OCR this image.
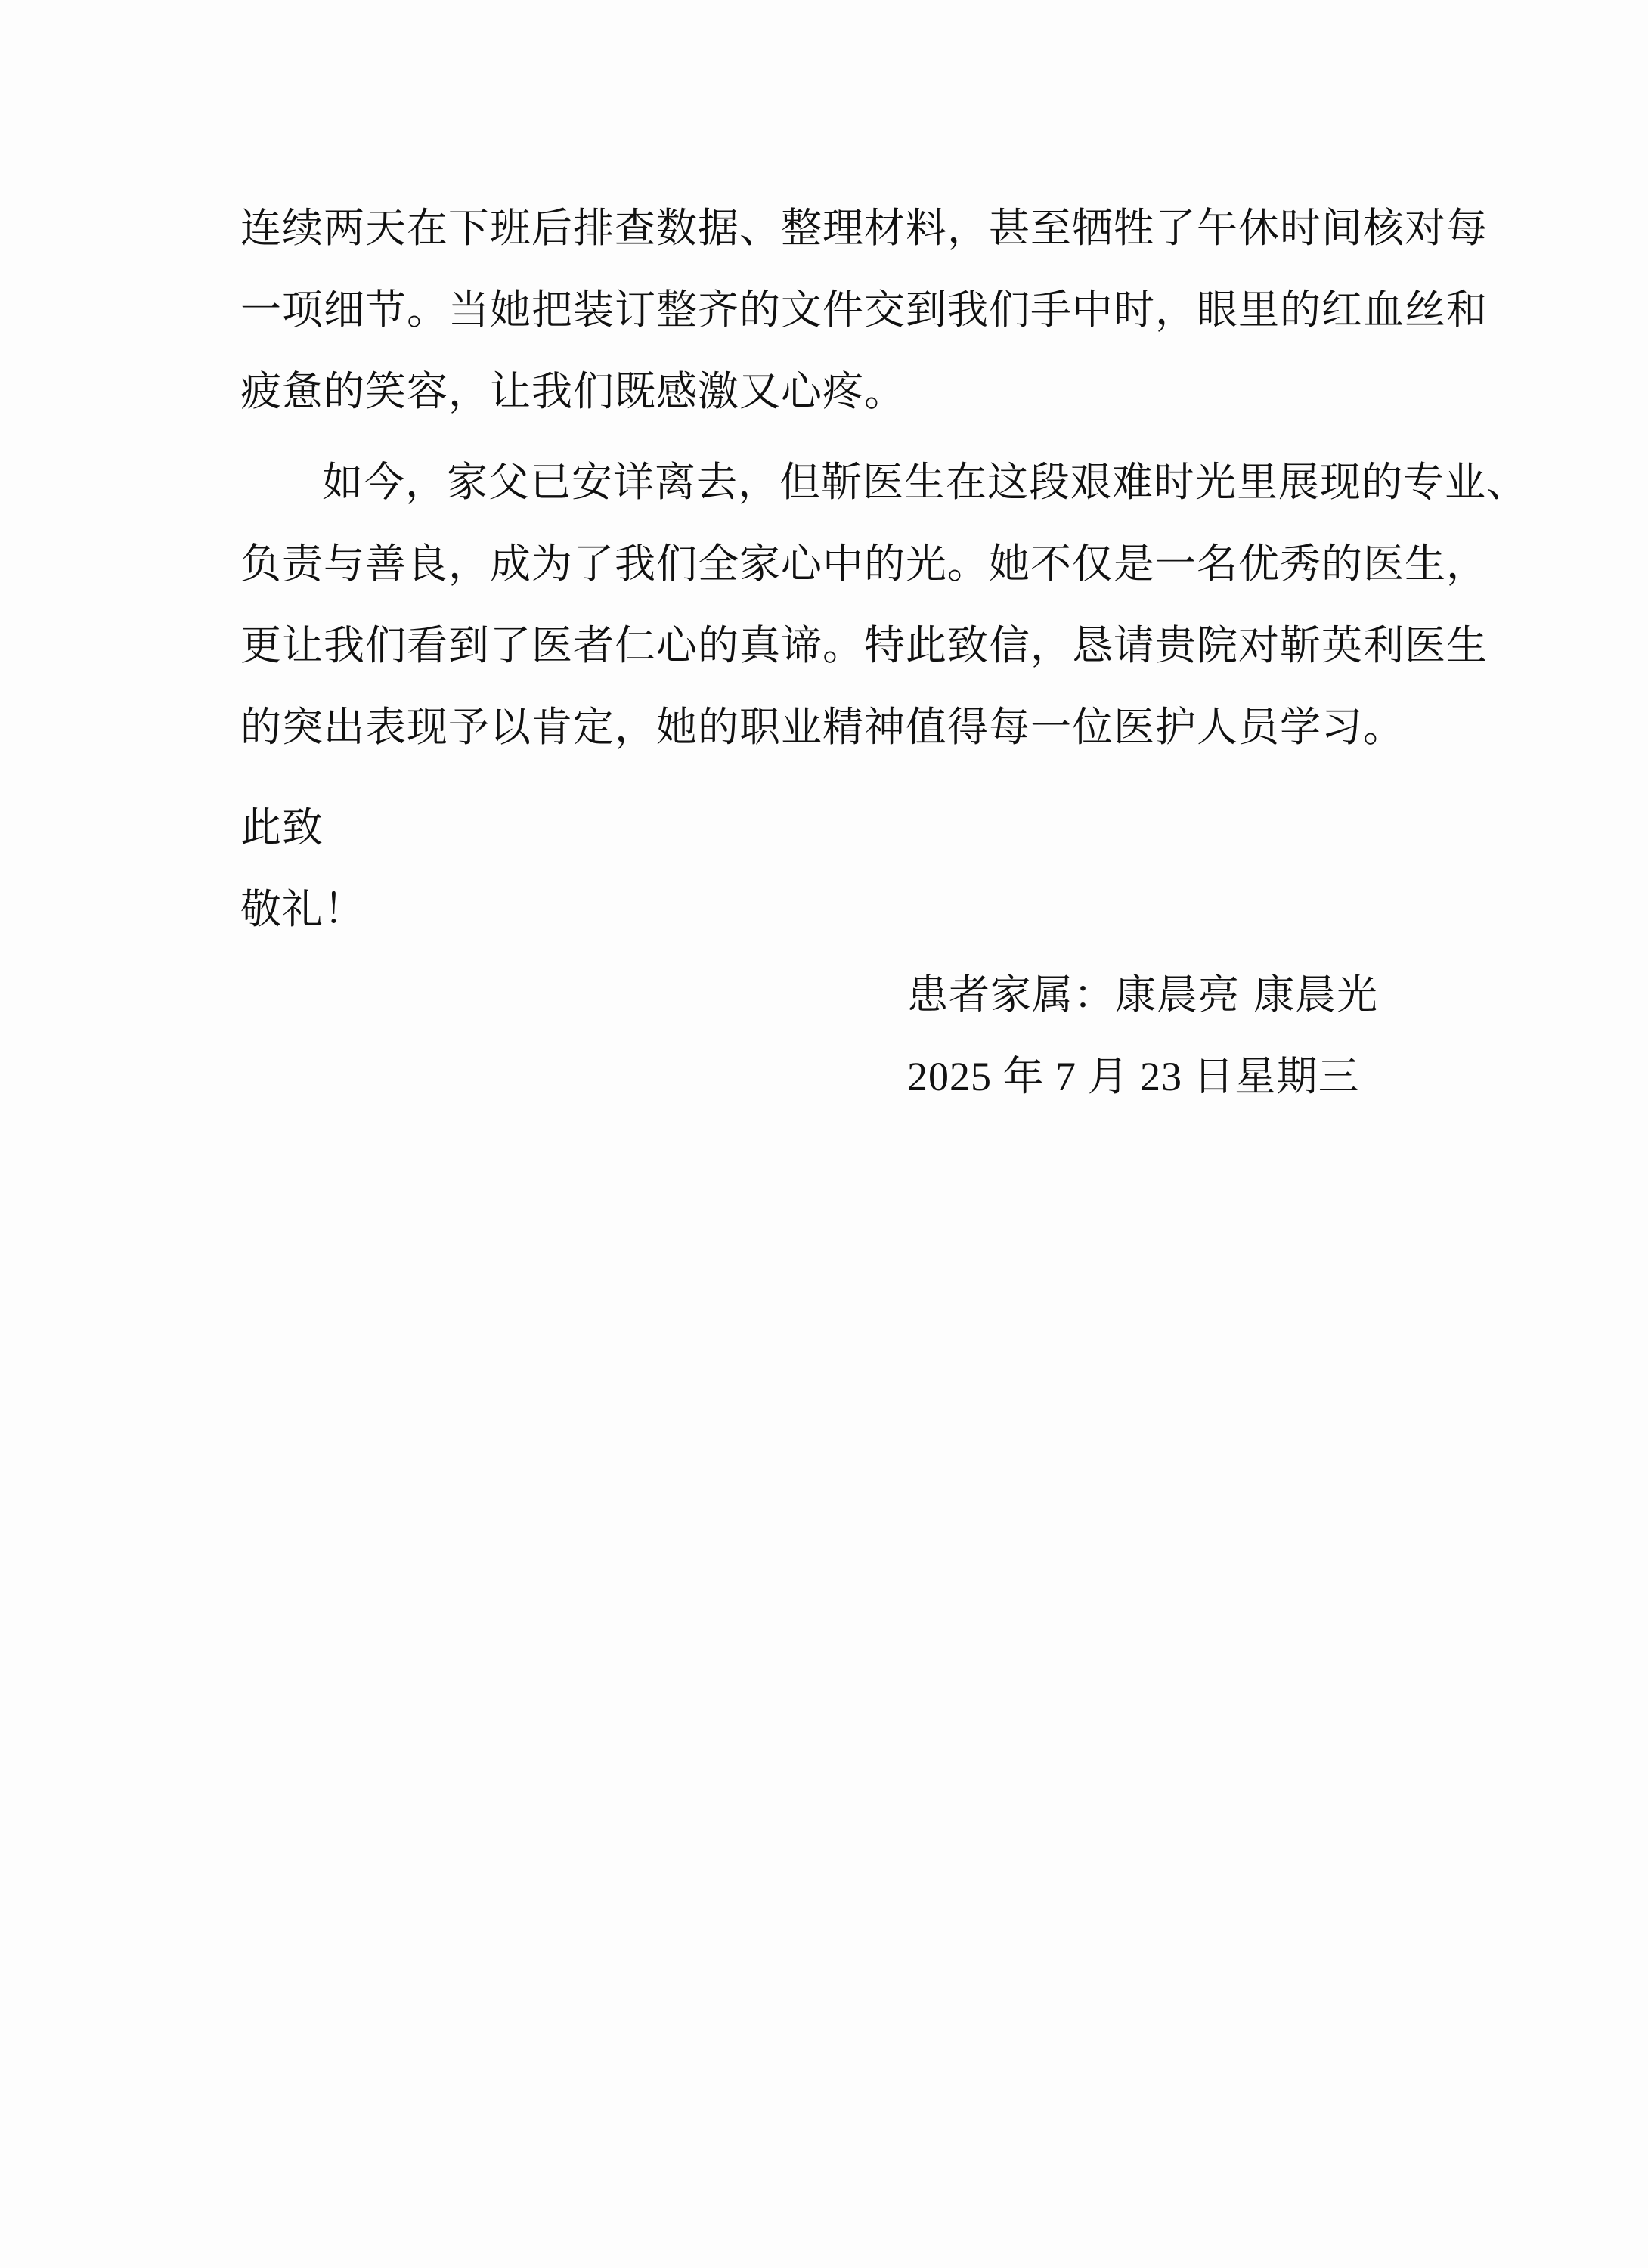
连续两天在下班后排查数据、整理材料，甚至牺牲了午休时间核对每
一项细节。当她把装订整齐的文件交到我们手中时，眼里的红血丝和
疲惫的笑容，让我们既感激又心疼。
如今，家父已安详离去，但靳医生在这段艰难时光里展现的专业、
负责与善良，成为了我们全家心中的光。她不仅是一名优秀的医生，
更让我们看到了医者仁心的真谛。特此致信，恳请贵院对靳英利医生
的突出表现予以肯定，她的职业精神值得每一位医护人员学习。
此致
敬礼！
患者家属：康晨亮 康晨光
2025 年 7 月 23 日星期三
